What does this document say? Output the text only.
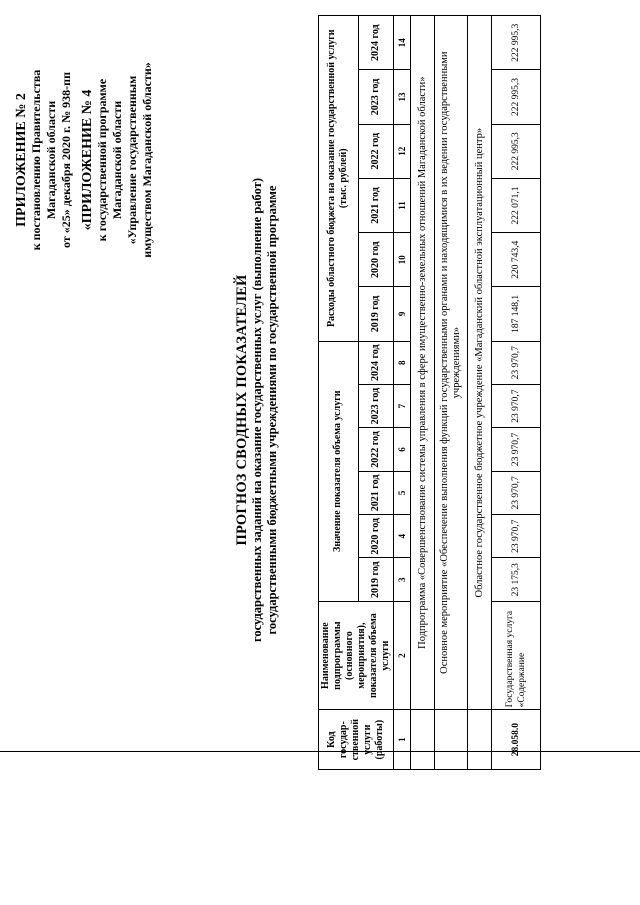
ПРИЛОЖЕНИЕ № 2 к постановлению Правительства Магаданской области от «25» декабря 2020 г. № 938-пп «ПРИЛОЖЕНИЕ № 4 к государственной программе Магаданской области «Управление государственным имуществом Магаданской области»
ПРОГНОЗ СВОДНЫХ ПОКАЗАТЕЛЕЙ государственных заданий на оказание государственных услуг (выполнение работ) государственными бюджетными учреждениями по государственной программе
Код государ-ственной услуги (работы)	Наименование подпрограммы (основного мероприятия), показателя объема услуги	Значение показателя объема услуги						Расходы областного бюджета на оказание государственной услуги (тыс. рублей)					
		2019 год	2020 год	2021 год	2022 год	2023 год	2024 год	2019 год	2020 год	2021 год	2022 год	2023 год	2024 год
1	2	3	4	5	6	7	8	9	10	11	12	13	14
	Подпрограмма «Совершенствование системы управления в сфере имущественно-земельных отношений Магаданской области»												
	Основное мероприятие «Обеспечение выполнения функций государственными органами и находящимися в их ведении государственными учреждениями»												
	Областное государственное бюджетное учреждение «Магаданский областной эксплуатационный центр»												
28.058.0	Государственная услуга «Содержание	23 175,3	23 970,7	23 970,7	23 970,7	23 970,7	23 970,7	187 148,1	220 743,4	222 071,1	222 995,3	222 995,3	222 995,3
